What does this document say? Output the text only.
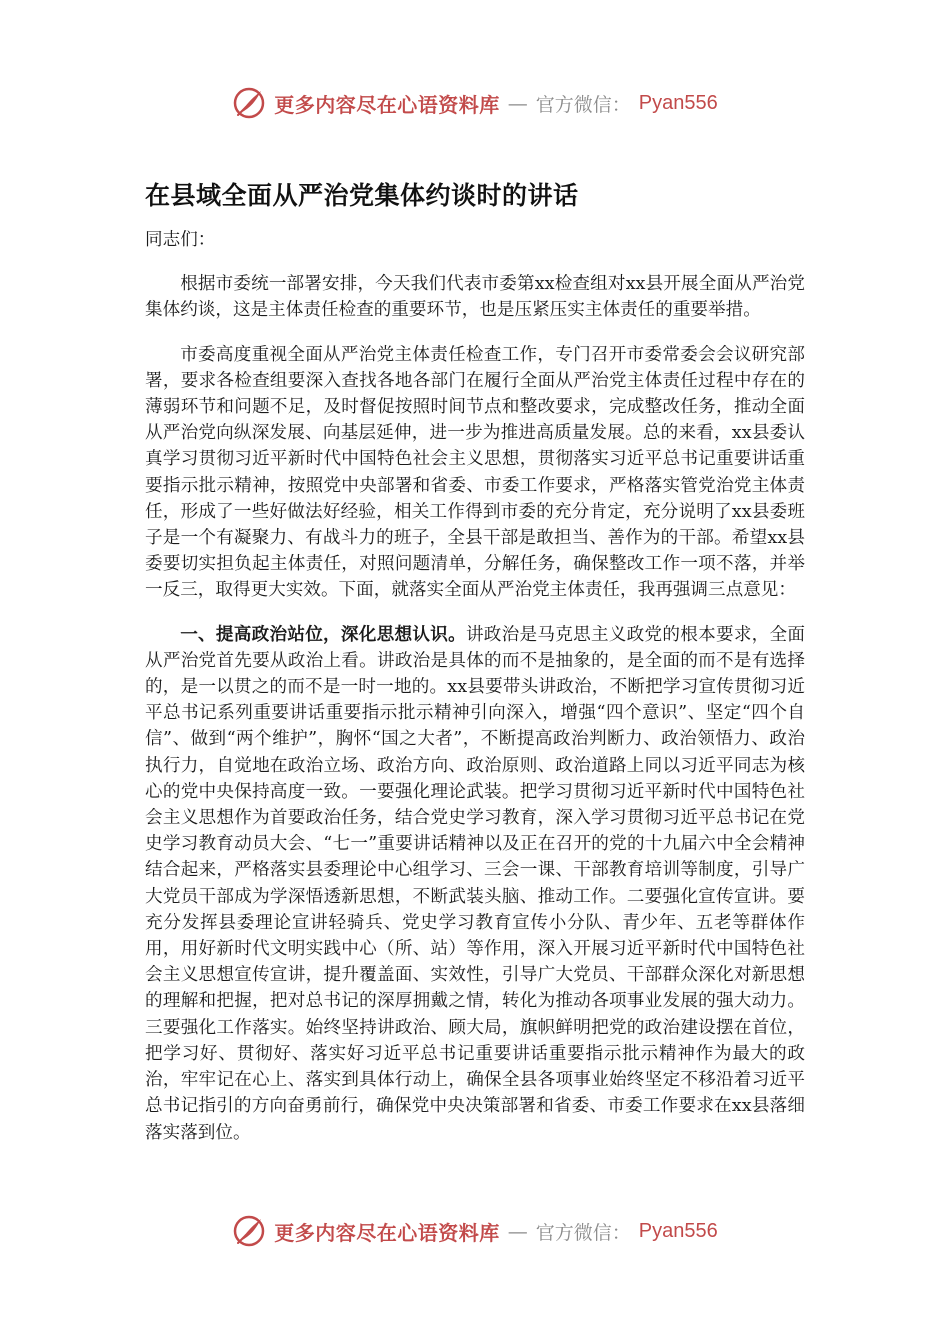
更多内容尽在心语资料库 — 官方微信： Pyan556
在县域全面从严治党集体约谈时的讲话

同志们：

根据市委统一部署安排，今天我们代表市委第xx检查组对xx县开展全面从严治党集体约谈，这是主体责任检查的重要环节，也是压紧压实主体责任的重要举措。

市委高度重视全面从严治党主体责任检查工作，专门召开市委常委会会议研究部署，要求各检查组要深入查找各地各部门在履行全面从严治党主体责任过程中存在的薄弱环节和问题不足，及时督促按照时间节点和整改要求，完成整改任务，推动全面从严治党向纵深发展、向基层延伸，进一步为推进高质量发展。总的来看，xx县委认真学习贯彻习近平新时代中国特色社会主义思想，贯彻落实习近平总书记重要讲话重要指示批示精神，按照党中央部署和省委、市委工作要求，严格落实管党治党主体责任，形成了一些好做法好经验，相关工作得到市委的充分肯定，充分说明了xx县委班子是一个有凝聚力、有战斗力的班子，全县干部是敢担当、善作为的干部。希望xx县委要切实担负起主体责任，对照问题清单，分解任务，确保整改工作一项不落，并举一反三，取得更大实效。下面，就落实全面从严治党主体责任，我再强调三点意见：

一、提高政治站位，深化思想认识。讲政治是马克思主义政党的根本要求，全面从严治党首先要从政治上看。讲政治是具体的而不是抽象的，是全面的而不是有选择的，是一以贯之的而不是一时一地的。xx县要带头讲政治，不断把学习宣传贯彻习近平总书记系列重要讲话重要指示批示精神引向深入，增强“四个意识”、坚定“四个自信”、做到“两个维护”，胸怀“国之大者”，不断提高政治判断力、政治领悟力、政治执行力，自觉地在政治立场、政治方向、政治原则、政治道路上同以习近平同志为核心的党中央保持高度一致。一要强化理论武装。把学习贯彻习近平新时代中国特色社会主义思想作为首要政治任务，结合党史学习教育，深入学习贯彻习近平总书记在党史学习教育动员大会、“七一”重要讲话精神以及正在召开的党的十九届六中全会精神结合起来，严格落实县委理论中心组学习、三会一课、干部教育培训等制度，引导广大党员干部成为学深悟透新思想，不断武装头脑、推动工作。二要强化宣传宣讲。要充分发挥县委理论宣讲轻骑兵、党史学习教育宣传小分队、青少年、五老等群体作用，用好新时代文明实践中心（所、站）等作用，深入开展习近平新时代中国特色社会主义思想宣传宣讲，提升覆盖面、实效性，引导广大党员、干部群众深化对新思想的理解和把握，把对总书记的深厚拥戴之情，转化为推动各项事业发展的强大动力。三要强化工作落实。始终坚持讲政治、顾大局，旗帜鲜明把党的政治建设摆在首位，把学习好、贯彻好、落实好习近平总书记重要讲话重要指示批示精神作为最大的政治，牢牢记在心上、落实到具体行动上，确保全县各项事业始终坚定不移沿着习近平总书记指引的方向奋勇前行，确保党中央决策部署和省委、市委工作要求在xx县落细落实落到位。

更多内容尽在心语资料库 — 官方微信： Pyan556
